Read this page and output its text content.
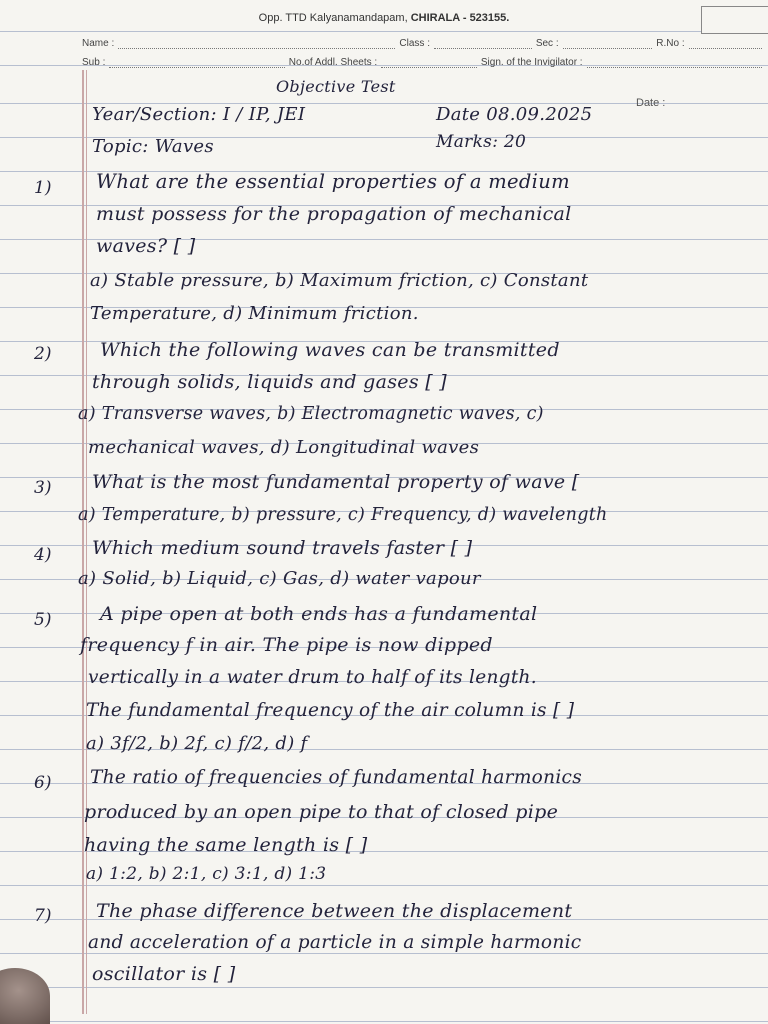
Opp. TTD Kalyanamandapam, CHIRALA - 523155.
Name :	Class :	Sec :	R.No :
Sub :	No.of Addl. Sheets :	Sign. of the Invigilator :
Date :
Objective Test
Year/Section: I / IP, JEI	Date 08.09.2025
Topic: Waves	Marks: 20
1) What are the essential properties of a medium
must possess for the propagation of mechanical
waves? [ ]
a) Stable pressure, b) Maximum friction, c) Constant
Temperature, d) Minimum friction.
2)	Which the following waves can be transmitted
through solids, liquids and gases [ ]
a) Transverse waves, b) Electromagnetic waves, c)
mechanical waves, d) Longitudinal waves
3) What is the most fundamental property of wave [
a) Temperature, b) pressure, c) Frequency, d) wavelength
4) Which medium sound travels faster [ ]
a) Solid, b) Liquid, c) Gas, d) water vapour
5)	A pipe open at both ends has a fundamental
frequency f in air. The pipe is now dipped
vertically in a water drum to half of its length.
The fundamental frequency of the air column is [ ]
a) 3f/2, b) 2f, c) f/2, d) f
6) The ratio of frequencies of fundamental harmonics
produced by an open pipe to that of closed pipe
having the same length is [ ]
a) 1:2, b) 2:1, c) 3:1, d) 1:3
7) The phase difference between the displacement
and acceleration of a particle in a simple harmonic
oscillator is [ ]
